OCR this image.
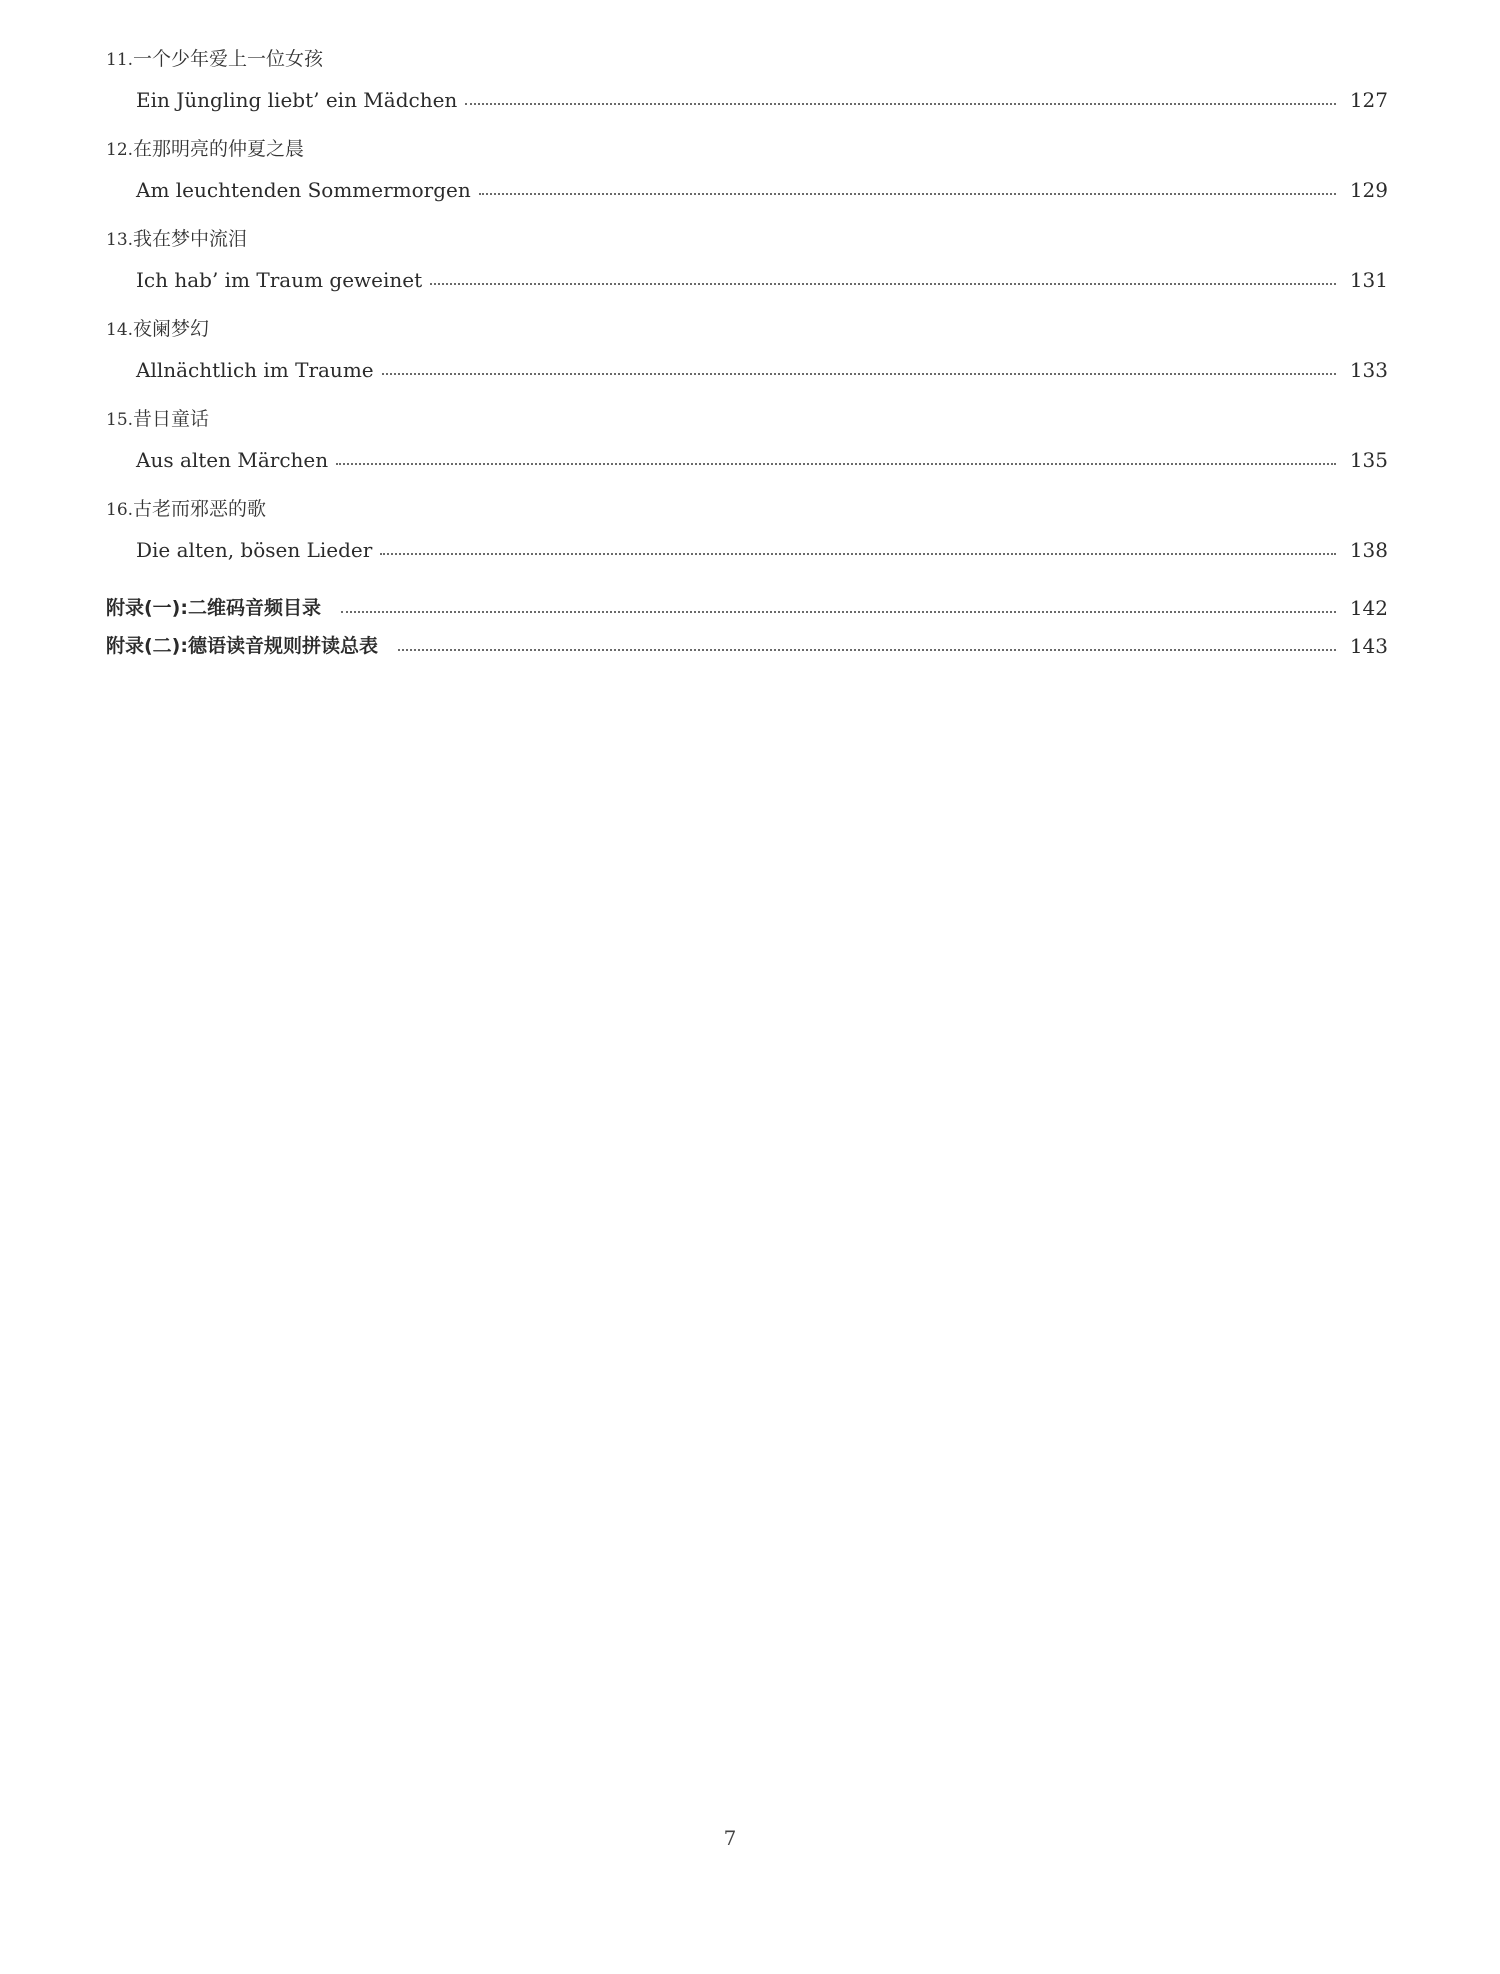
11.一个少年爱上一位女孩
Ein Jüngling liebt’ ein Mädchen	127
12.在那明亮的仲夏之晨
Am leuchtenden Sommermorgen	129
13.我在梦中流泪
Ich hab’ im Traum geweinet	131
14.夜阑梦幻
Allnächtlich im Traume	133
15.昔日童话
Aus alten Märchen	135
16.古老而邪恶的歌
Die alten, bösen Lieder	138
附录(一):二维码音频目录	142
附录(二):德语读音规则拼读总表	143
7
